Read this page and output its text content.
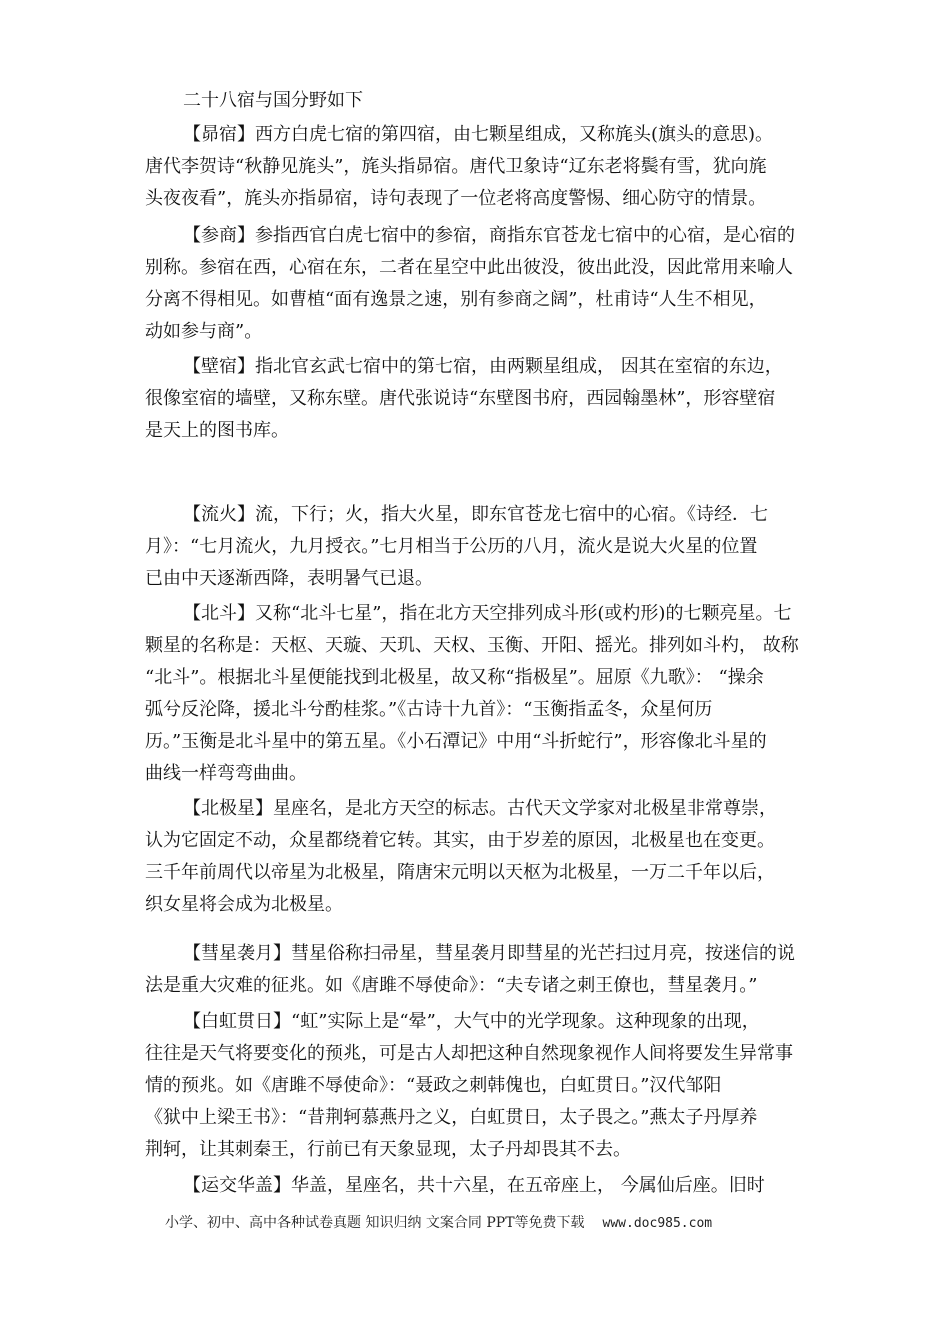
二十八宿与国分野如下
【昴宿】西方白虎七宿的第四宿，由七颗星组成，又称旄头(旗头的意思)。
唐代李贺诗“秋静见旄头”，旄头指昴宿。唐代卫象诗“辽东老将鬓有雪，犹向旄
头夜夜看”，旄头亦指昴宿，诗句表现了一位老将高度警惕、细心防守的情景。
【参商】参指西官白虎七宿中的参宿，商指东官苍龙七宿中的心宿，是心宿的
别称。参宿在西，心宿在东，二者在星空中此出彼没，彼出此没，因此常用来喻人
分离不得相见。如曹植“面有逸景之速，别有参商之阔”，杜甫诗“人生不相见，
动如参与商”。
【壁宿】指北官玄武七宿中的第七宿，由两颗星组成， 因其在室宿的东边，
很像室宿的墙壁，又称东壁。唐代张说诗“东壁图书府，西园翰墨林”，形容壁宿
是天上的图书库。
【流火】流，下行；火，指大火星，即东官苍龙七宿中的心宿。《诗经．七
月》：“七月流火，九月授衣。”七月相当于公历的八月，流火是说大火星的位置
已由中天逐渐西降，表明暑气已退。
【北斗】又称“北斗七星”，指在北方天空排列成斗形(或杓形)的七颗亮星。七
颗星的名称是：天枢、天璇、天玑、天权、玉衡、开阳、摇光。排列如斗杓， 故称
“北斗”。根据北斗星便能找到北极星，故又称“指极星”。屈原《九歌》： “操余
弧兮反沦降，援北斗兮酌桂浆。”《古诗十九首》：“玉衡指孟冬，众星何历
历。”玉衡是北斗星中的第五星。《小石潭记》中用“斗折蛇行”，形容像北斗星的
曲线一样弯弯曲曲。
【北极星】星座名，是北方天空的标志。古代天文学家对北极星非常尊崇，
认为它固定不动，众星都绕着它转。其实，由于岁差的原因，北极星也在变更。
三千年前周代以帝星为北极星，隋唐宋元明以天枢为北极星，一万二千年以后，
织女星将会成为北极星。
【彗星袭月】彗星俗称扫帚星，彗星袭月即彗星的光芒扫过月亮，按迷信的说
法是重大灾难的征兆。如《唐雎不辱使命》：“夫专诸之刺王僚也，彗星袭月。”
【白虹贯日】“虹”实际上是“晕”，大气中的光学现象。这种现象的出现，
往往是天气将要变化的预兆，可是古人却把这种自然现象视作人间将要发生异常事
情的预兆。如《唐雎不辱使命》：“聂政之刺韩傀也，白虹贯日。”汉代邹阳
《狱中上梁王书》：“昔荆轲慕燕丹之义，白虹贯日，太子畏之。”燕太子丹厚养
荆轲，让其刺秦王，行前已有天象显现，太子丹却畏其不去。
【运交华盖】华盖，星座名，共十六星，在五帝座上， 今属仙后座。旧时
小学、初中、高中各种试卷真题 知识归纳 文案合同 PPT等免费下载 www.doc985.com
